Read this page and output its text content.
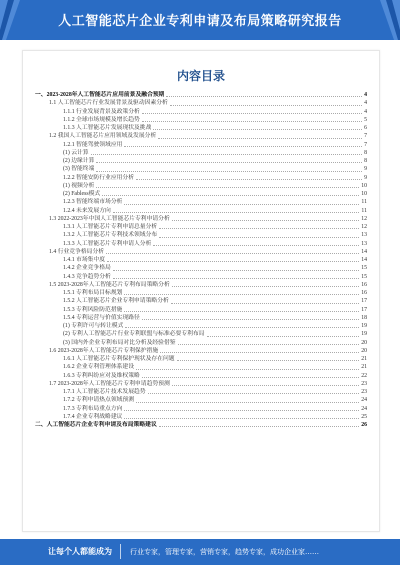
人工智能芯片企业专利申请及布局策略研究报告
内容目录
一、2023-2028年人工智能芯片应用前景及融合预期	4
1.1 人工智能芯片行业发展背景及驱动因素分析	4
1.1.1 行业发展背景及政策分析	4
1.1.2 全球市场规模及增长趋势	5
1.1.3 人工智能芯片发展现状及挑战	6
1.2 我国人工智能芯片应用领域及发展分析	7
1.2.1 智能驾驶领域应用	7
(1) 云计算	8
(2) 边缘计算	8
(3) 智能终端	9
1.2.2 智能安防行业应用分析	9
(1) 视频分析	10
(2) Fabless模式	10
1.2.3 智能终端市场分析	11
1.2.4 未来发展方向	11
1.3 2022-2023年中国人工智能芯片专利申请分析	12
1.3.1 人工智能芯片专利申请总量分析	12
1.3.2 人工智能芯片专利技术领域分布	13
1.3.3 人工智能芯片专利申请人分析	13
1.4 行业竞争格局分析	14
1.4.1 市场集中度	14
1.4.2 企业竞争格局	15
1.4.3 竞争趋势分析	15
1.5 2023-2028年人工智能芯片专利布局策略分析	16
1.5.1 专利布局目标规划	16
1.5.2 人工智能芯片企业专利申请策略分析	17
1.5.3 专利风险防范措施	17
1.5.4 专利运营与价值实现路径	18
(1) 专利许可与转让模式	19
(2) 专利人工智能芯片行业专利联盟与标准必要专利布局	19
(3) 国内外企业专利布局对比分析及经验借鉴	20
1.6 2023-2028年人工智能芯片专利保护措施	20
1.6.1 人工智能芯片专利保护现状及存在问题	21
1.6.2 企业专利管理体系建设	21
1.6.3 专利纠纷应对及维权策略	22
1.7 2023-2028年人工智能芯片专利申请趋势预测	23
1.7.1 人工智能芯片技术发展趋势	23
1.7.2 专利申请热点领域预测	24
1.7.3 专利布局重点方向	24
1.7.4 企业专利战略建议	25
二、人工智能芯片企业专利申请及布局策略建议	26
让每个人都能成为	行业专家，管理专家，营销专家，趋势专家，成功企业家……
